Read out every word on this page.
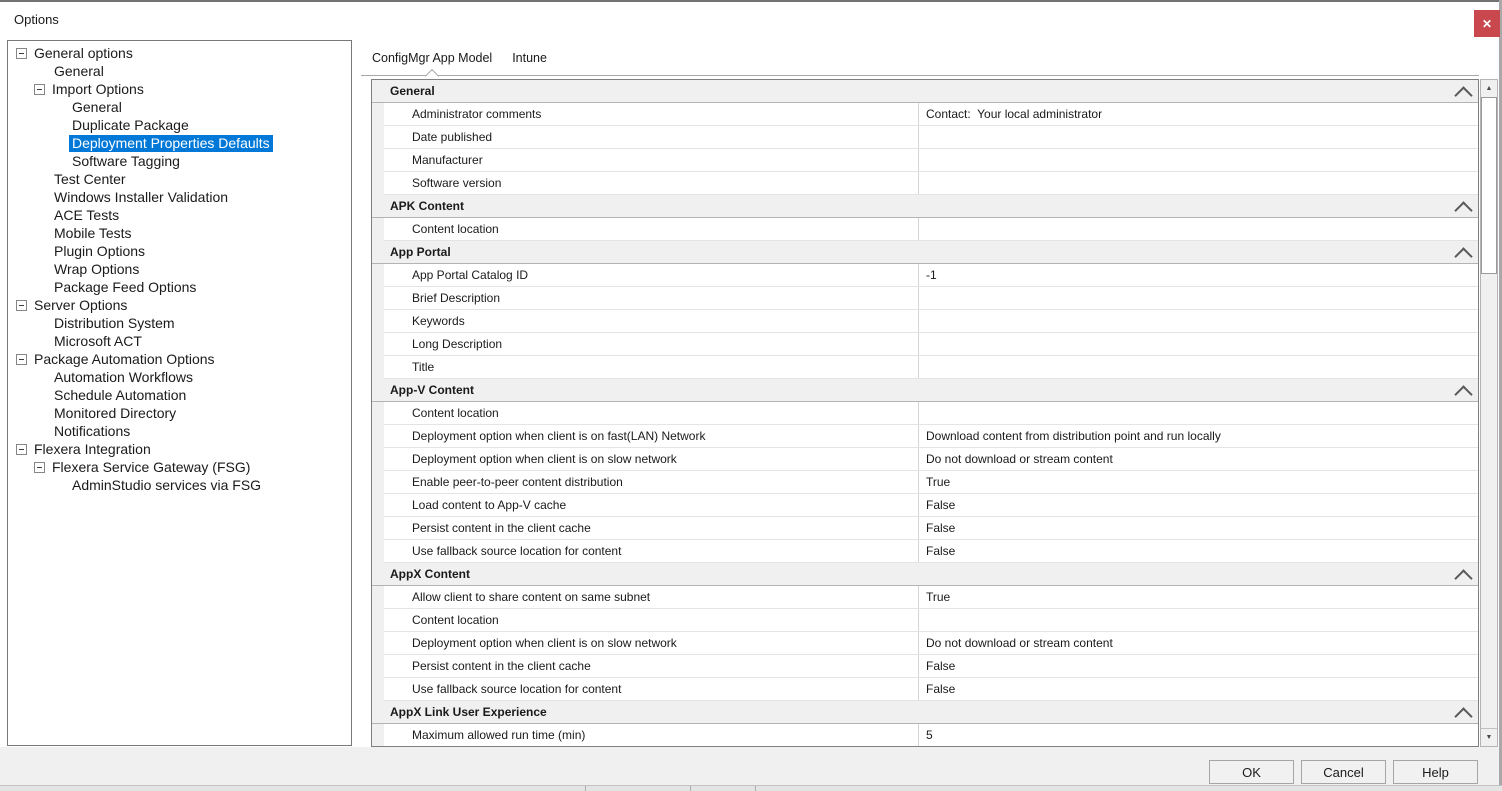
Options	✕
General options
General
Import Options
General
Duplicate Package
Deployment Properties Defaults
Software Tagging
Test Center
Windows Installer Validation
ACE Tests
Mobile Tests
Plugin Options
Wrap Options
Package Feed Options
Server Options
Distribution System
Microsoft ACT
Package Automation Options
Automation Workflows
Schedule Automation
Monitored Directory
Notifications
Flexera Integration
Flexera Service Gateway (FSG)
AdminStudio services via FSG
ConfigMgr App Model	Intune
General
Administrator comments	Contact:  Your local administrator
Date published
Manufacturer
Software version
APK Content
Content location
App Portal
App Portal Catalog ID	-1
Brief Description
Keywords
Long Description
Title
App-V Content
Content location
Deployment option when client is on fast(LAN) Network	Download content from distribution point and run locally
Deployment option when client is on slow network	Do not download or stream content
Enable peer-to-peer content distribution	True
Load content to App-V cache	False
Persist content in the client cache	False
Use fallback source location for content	False
AppX Content
Allow client to share content on same subnet	True
Content location
Deployment option when client is on slow network	Do not download or stream content
Persist content in the client cache	False
Use fallback source location for content	False
AppX Link User Experience
Maximum allowed run time (min)	5
▲
▼
OK	Cancel	Help
